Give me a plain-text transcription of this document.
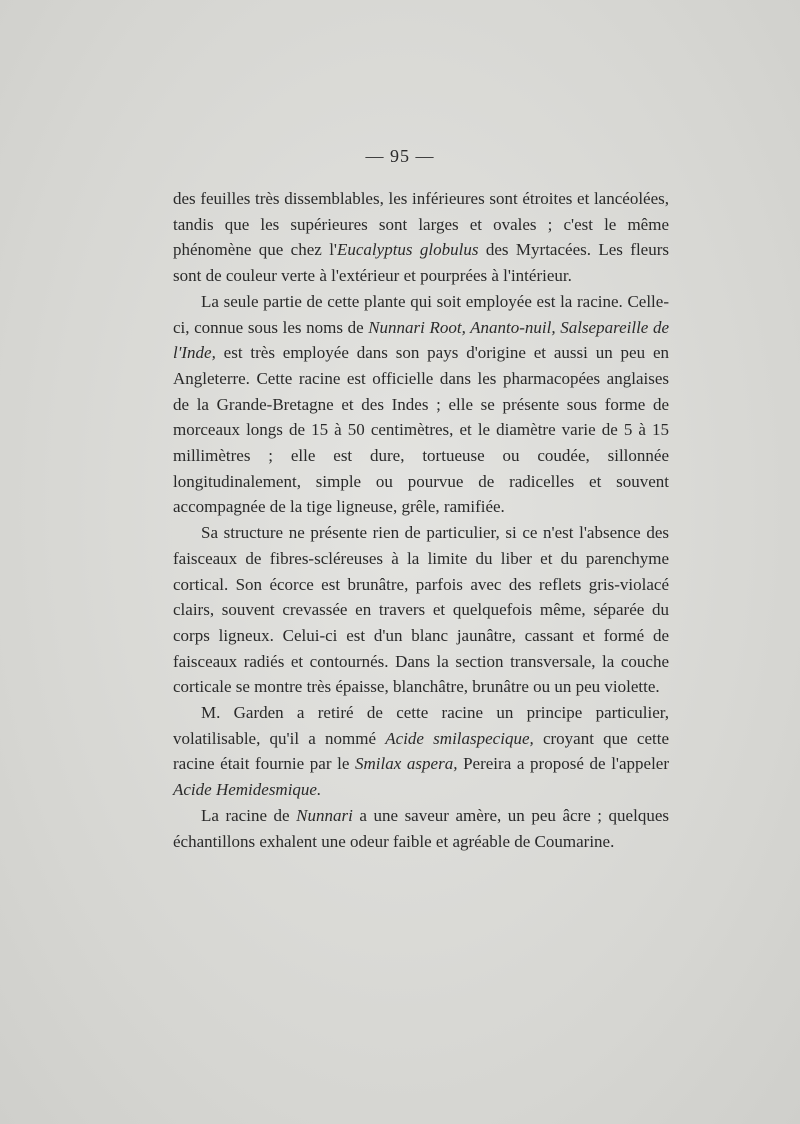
— 95 —

des feuilles très dissemblables, les inférieures sont étroites et lancéolées, tandis que les supérieures sont larges et ovales ; c'est le même phénomène que chez l'Eucalyptus globulus des Myrtacées. Les fleurs sont de couleur verte à l'extérieur et pourprées à l'intérieur.

La seule partie de cette plante qui soit employée est la racine. Celle-ci, connue sous les noms de Nunnari Root, Ananto-nuil, Salsepareille de l'Inde, est très employée dans son pays d'origine et aussi un peu en Angleterre. Cette racine est officielle dans les pharmacopées anglaises de la Grande-Bretagne et des Indes ; elle se présente sous forme de morceaux longs de 15 à 50 centimètres, et le diamètre varie de 5 à 15 millimètres ; elle est dure, tortueuse ou coudée, sillonnée longitudinalement, simple ou pourvue de radicelles et souvent accompagnée de la tige ligneuse, grêle, ramifiée.

Sa structure ne présente rien de particulier, si ce n'est l'absence des faisceaux de fibres-scléreuses à la limite du liber et du parenchyme cortical. Son écorce est brunâtre, parfois avec des reflets gris-violacé clairs, souvent crevassée en travers et quelquefois même, séparée du corps ligneux. Celui-ci est d'un blanc jaunâtre, cassant et formé de faisceaux radiés et contournés. Dans la section transversale, la couche corticale se montre très épaisse, blanchâtre, brunâtre ou un peu violette.

M. Garden a retiré de cette racine un principe particulier, volatilisable, qu'il a nommé Acide smilaspecique, croyant que cette racine était fournie par le Smilax aspera, Pereira a proposé de l'appeler Acide Hemidesmique.

La racine de Nunnari a une saveur amère, un peu âcre ; quelques échantillons exhalent une odeur faible et agréable de Coumarine.
